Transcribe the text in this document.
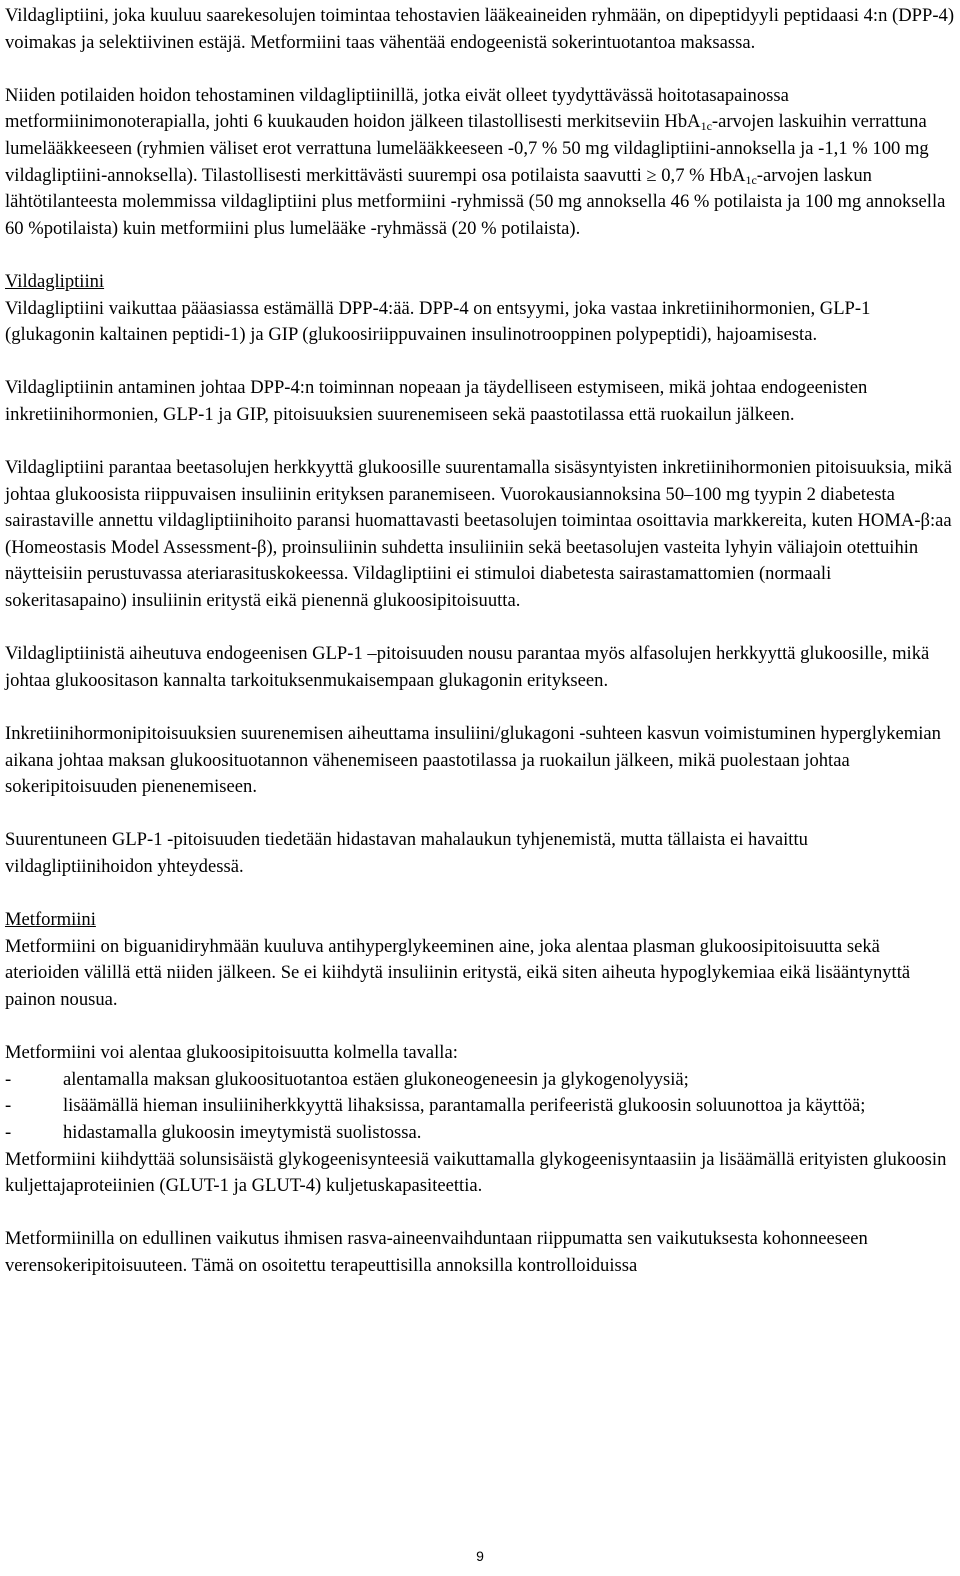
Vildagliptiini, joka kuuluu saarekesolujen toimintaa tehostavien lääkeaineiden ryhmään, on dipeptidyyli peptidaasi 4:n (DPP-4) voimakas ja selektiivinen estäjä. Metformiini taas vähentää endogeenistä sokerintuotantoa maksassa.

Niiden potilaiden hoidon tehostaminen vildagliptiinillä, jotka eivät olleet tyydyttävässä hoitotasapainossa metformiinimonoterapialla, johti 6 kuukauden hoidon jälkeen tilastollisesti merkitseviin HbA$_{1c}$-arvojen laskuihin verrattuna lumelääkkeeseen (ryhmien väliset erot verrattuna lumelääkkeeseen -0,7 % 50 mg vildagliptiini-annoksella ja -1,1 % 100 mg vildagliptiini-annoksella). Tilastollisesti merkittävästi suurempi osa potilaista saavutti ≥ 0,7 % HbA$_{1c}$-arvojen laskun lähtötilanteesta molemmissa vildagliptiini plus metformiini -ryhmissä (50 mg annoksella 46 % potilaista ja 100 mg annoksella 60 %potilaista) kuin metformiini plus lumelääke -ryhmässä (20 % potilaista).

Vildagliptiini
Vildagliptiini vaikuttaa pääasiassa estämällä DPP-4:ää. DPP-4 on entsyymi, joka vastaa inkretiinihormonien, GLP-1 (glukagonin kaltainen peptidi-1) ja GIP (glukoosiriippuvainen insulinotrooppinen polypeptidi), hajoamisesta.

Vildagliptiinin antaminen johtaa DPP-4:n toiminnan nopeaan ja täydelliseen estymiseen, mikä johtaa endogeenisten inkretiinihormonien, GLP-1 ja GIP, pitoisuuksien suurenemiseen sekä paastotilassa että ruokailun jälkeen.

Vildagliptiini parantaa beetasolujen herkkyyttä glukoosille suurentamalla sisäsyntyisten inkretiinihormonien pitoisuuksia, mikä johtaa glukoosista riippuvaisen insuliinin erityksen paranemiseen. Vuorokausiannoksina 50–100 mg tyypin 2 diabetesta sairastaville annettu vildagliptiinihoito paransi huomattavasti beetasolujen toimintaa osoittavia markkereita, kuten HOMA-β:aa (Homeostasis Model Assessment-β), proinsuliinin suhdetta insuliiniin sekä beetasolujen vasteita lyhyin väliajoin otettuihin näytteisiin perustuvassa ateriarasituskokeessa. Vildagliptiini ei stimuloi diabetesta sairastamattomien (normaali sokeritasapaino) insuliinin eritystä eikä pienennä glukoosipitoisuutta.

Vildagliptiinistä aiheutuva endogeenisen GLP-1 –pitoisuuden nousu parantaa myös alfasolujen herkkyyttä glukoosille, mikä johtaa glukoositason kannalta tarkoituksenmukaisempaan glukagonin eritykseen.

Inkretiinihormonipitoisuuksien suurenemisen aiheuttama insuliini/glukagoni -suhteen kasvun voimistuminen hyperglykemian aikana johtaa maksan glukoosituotannon vähenemiseen paastotilassa ja ruokailun jälkeen, mikä puolestaan johtaa sokeripitoisuuden pienenemiseen.

Suurentuneen GLP-1 -pitoisuuden tiedetään hidastavan mahalaukun tyhjenemistä, mutta tällaista ei havaittu vildagliptiinihoidon yhteydessä.

Metformiini
Metformiini on biguanidiryhmään kuuluva antihyperglykeeminen aine, joka alentaa plasman glukoosipitoisuutta sekä aterioiden välillä että niiden jälkeen. Se ei kiihdytä insuliinin eritystä, eikä siten aiheuta hypoglykemiaa eikä lisääntynyttä painon nousua.

Metformiini voi alentaa glukoosipitoisuutta kolmella tavalla:

-	alentamalla maksan glukoosituotantoa estäen glukoneogeneesin ja glykogenolyysiä;
-	lisäämällä hieman insuliiniherkkyyttä lihaksissa, parantamalla perifeeristä glukoosin soluunottoa ja käyttöä;
-	hidastamalla glukoosin imeytymistä suolistossa.

Metformiini kiihdyttää solunsisäistä glykogeenisynteesiä vaikuttamalla glykogeenisyntaasiin ja lisäämällä erityisten glukoosin kuljettajaproteiinien (GLUT-1 ja GLUT-4) kuljetuskapasiteettia.

Metformiinilla on edullinen vaikutus ihmisen rasva-aineenvaihduntaan riippumatta sen vaikutuksesta kohonneeseen verensokeripitoisuuteen. Tämä on osoitettu terapeuttisilla annoksilla kontrolloiduissa

9
